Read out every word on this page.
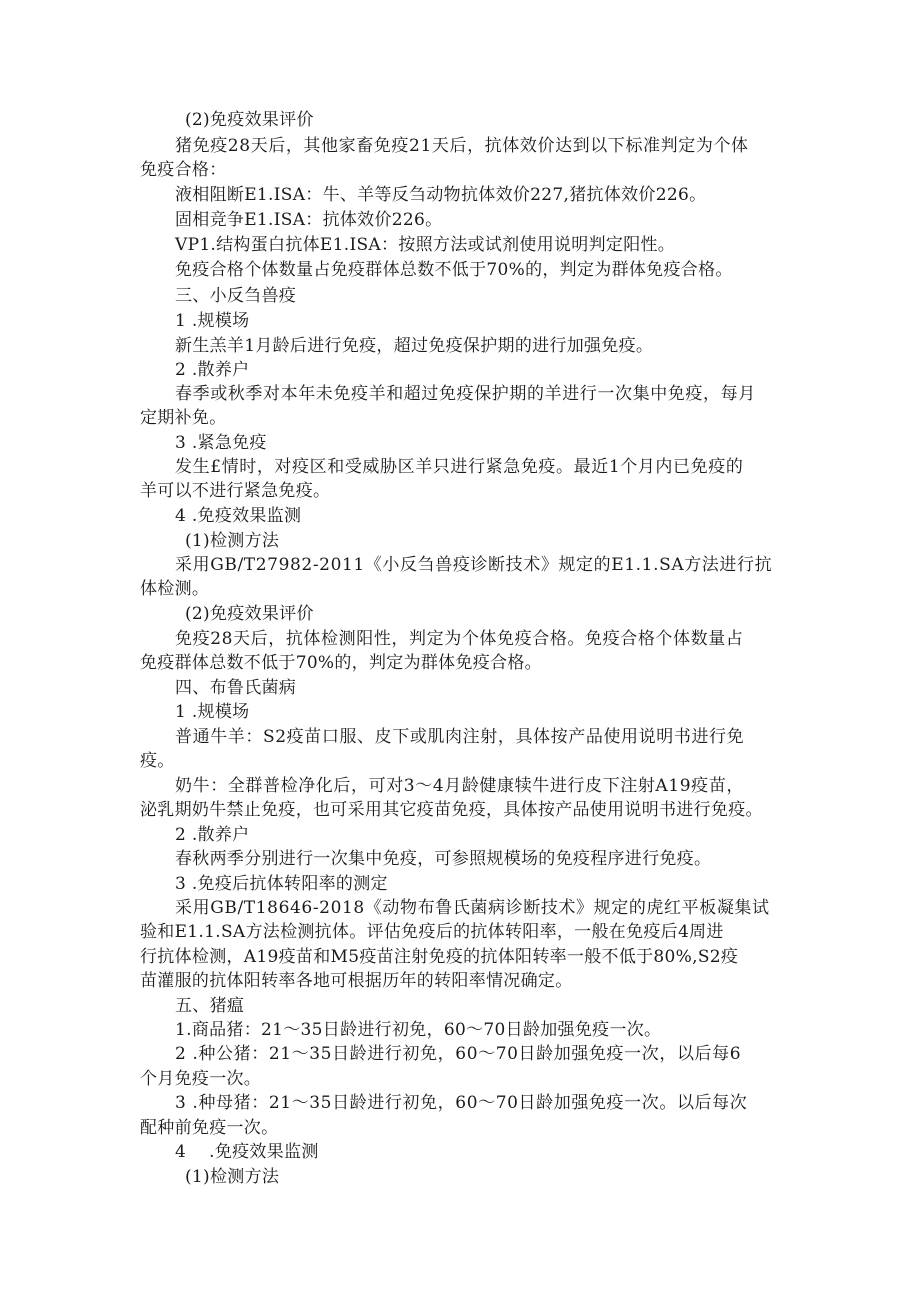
(2)免疫效果评价
猪免疫28天后，其他家畜免疫21天后，抗体效价达到以下标准判定为个体
免疫合格：
液相阻断E1.ISA：牛、羊等反刍动物抗体效价227,猪抗体效价226。
固相竞争E1.ISA：抗体效价226。
VP1.结构蛋白抗体E1.ISA：按照方法或试剂使用说明判定阳性。
免疫合格个体数量占免疫群体总数不低于70%的，判定为群体免疫合格。
三、小反刍兽疫
1 .规模场
新生羔羊1月龄后进行免疫，超过免疫保护期的进行加强免疫。
2 .散养户
春季或秋季对本年未免疫羊和超过免疫保护期的羊进行一次集中免疫，每月
定期补免。
3 .紧急免疫
发生£情时，对疫区和受威胁区羊只进行紧急免疫。最近1个月内已免疫的
羊可以不进行紧急免疫。
4 .免疫效果监测
(1)检测方法
采用GB/T27982-2011《小反刍兽疫诊断技术》规定的E1.1.SA方法进行抗
体检测。
(2)免疫效果评价
免疫28天后，抗体检测阳性，判定为个体免疫合格。免疫合格个体数量占
免疫群体总数不低于70%的，判定为群体免疫合格。
四、布鲁氏菌病
1 .规模场
普通牛羊：S2疫苗口服、皮下或肌肉注射，具体按产品使用说明书进行免
疫。
奶牛：全群普检净化后，可对3～4月龄健康犊牛进行皮下注射A19疫苗，
泌乳期奶牛禁止免疫，也可采用其它疫苗免疫，具体按产品使用说明书进行免疫。
2 .散养户
春秋两季分别进行一次集中免疫，可参照规模场的免疫程序进行免疫。
3 .免疫后抗体转阳率的测定
采用GB/T18646-2018《动物布鲁氏菌病诊断技术》规定的虎红平板凝集试
验和E1.1.SA方法检测抗体。评估免疫后的抗体转阳率，一般在免疫后4周进
行抗体检测，A19疫苗和M5疫苗注射免疫的抗体阳转率一般不低于80%,S2疫
苗灌服的抗体阳转率各地可根据历年的转阳率情况确定。
五、猪瘟
1.商品猪：21～35日龄进行初免，60～70日龄加强免疫一次。
2 .种公猪：21～35日龄进行初免，60～70日龄加强免疫一次，以后每6
个月免疫一次。
3 .种母猪：21～35日龄进行初免，60～70日龄加强免疫一次。以后每次
配种前免疫一次。
4　 .免疫效果监测
(1)检测方法
